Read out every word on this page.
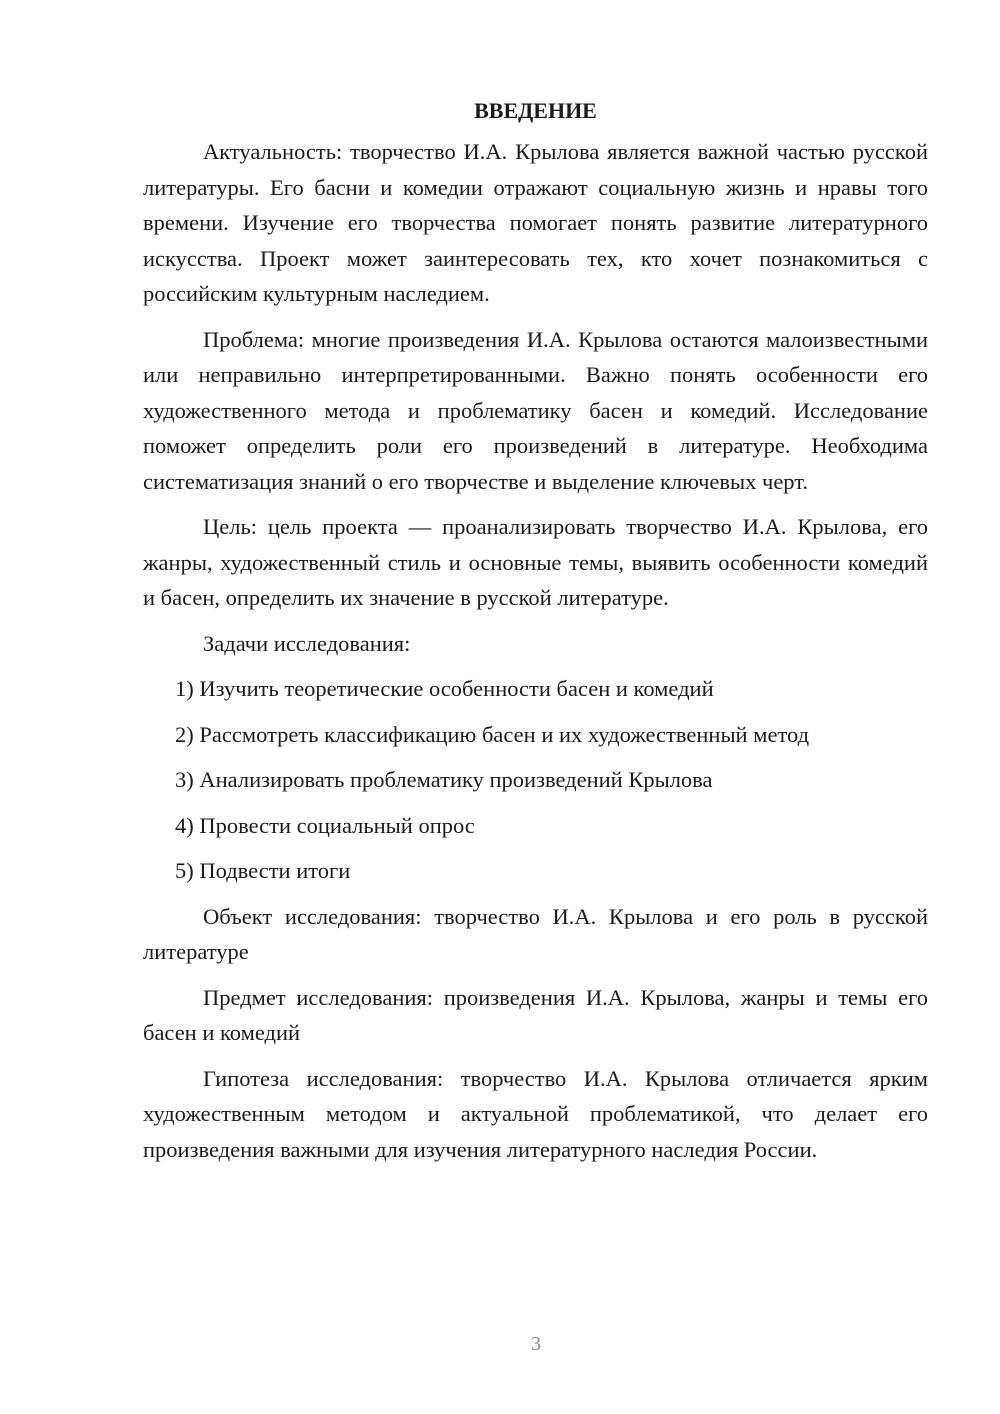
ВВЕДЕНИЕ

Актуальность: творчество И.А. Крылова является важной частью русской литературы. Его басни и комедии отражают социальную жизнь и нравы того времени. Изучение его творчества помогает понять развитие литературного искусства. Проект может заинтересовать тех, кто хочет познакомиться с российским культурным наследием.

Проблема: многие произведения И.А. Крылова остаются малоизвестными или неправильно интерпретированными. Важно понять особенности его художественного метода и проблематику басен и комедий. Исследование поможет определить роли его произведений в литературе. Необходима систематизация знаний о его творчестве и выделение ключевых черт.

Цель: цель проекта — проанализировать творчество И.А. Крылова, его жанры, художественный стиль и основные темы, выявить особенности комедий и басен, определить их значение в русской литературе.

Задачи исследования:

1) Изучить теоретические особенности басен и комедий
2) Рассмотреть классификацию басен и их художественный метод
3) Анализировать проблематику произведений Крылова
4) Провести социальный опрос
5) Подвести итоги

Объект исследования: творчество И.А. Крылова и его роль в русской литературе

Предмет исследования: произведения И.А. Крылова, жанры и темы его басен и комедий

Гипотеза исследования: творчество И.А. Крылова отличается ярким художественным методом и актуальной проблематикой, что делает его произведения важными для изучения литературного наследия России.

3
